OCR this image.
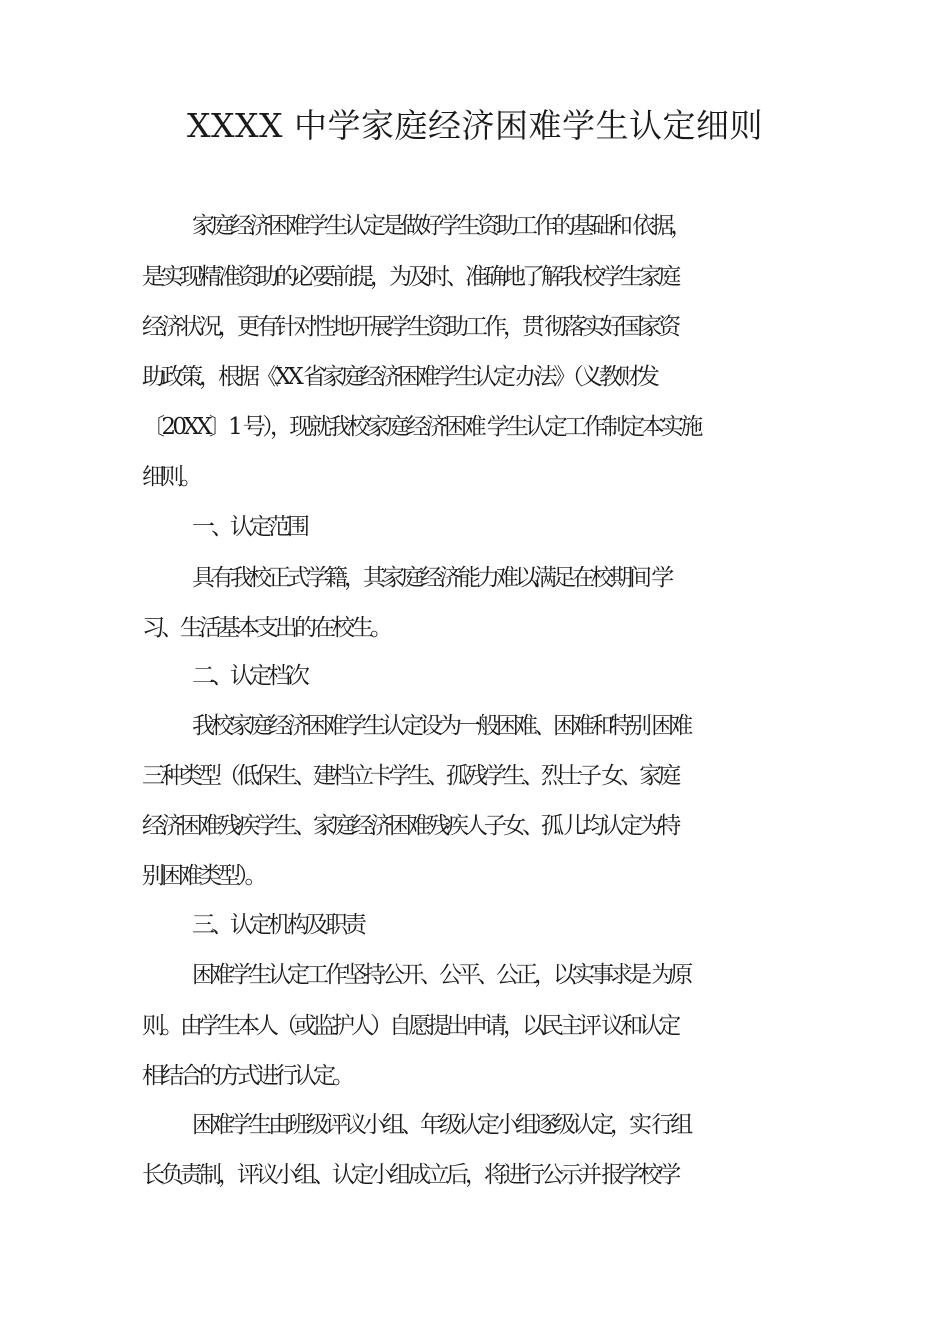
XXXX 中学家庭经济困难学生认定细则
家庭经济困难学生认定是做好学生资助工作的基础和 依据，
是实现精准资助的必要前提，为及时、准确地了解我 校学生家庭
经济状况，更有针对性地开展学生资助工作，贯 彻落实好国家资
助政策，根据《XX 省家庭经济困难学生认定 办法》（义教财发
〔20XX〕1 号），现就我校家庭经济困难 学生认定工作制定本实施
细则。
一、认定范围
具有我校正式学籍，其家庭经济能力难以满足在校期间 学
习、生活基本支出的在校生。
二、认定档次
我校家庭经济困难学生认定设为一般困难、困难和特别 困难
三种类型（低保生、建档立卡学生、孤残学生、烈士子 女、家庭
经济困难残疾学生、家庭经济困难残疾人子女、孤 儿均认定为特
别困难类型）。
三、认定机构及职责
困难学生认定工作坚持公开、公平、公正，以实事求是 为原
则。由学生本人（或监护人）自愿提出申请，以民主评 议和认定
相结合的方式进行认定。
困难学生由班级评议小组、年级认定小组逐级认定，实 行组
长负责制，评议小组、认定小组成立后，将进行公示并 报学校学
